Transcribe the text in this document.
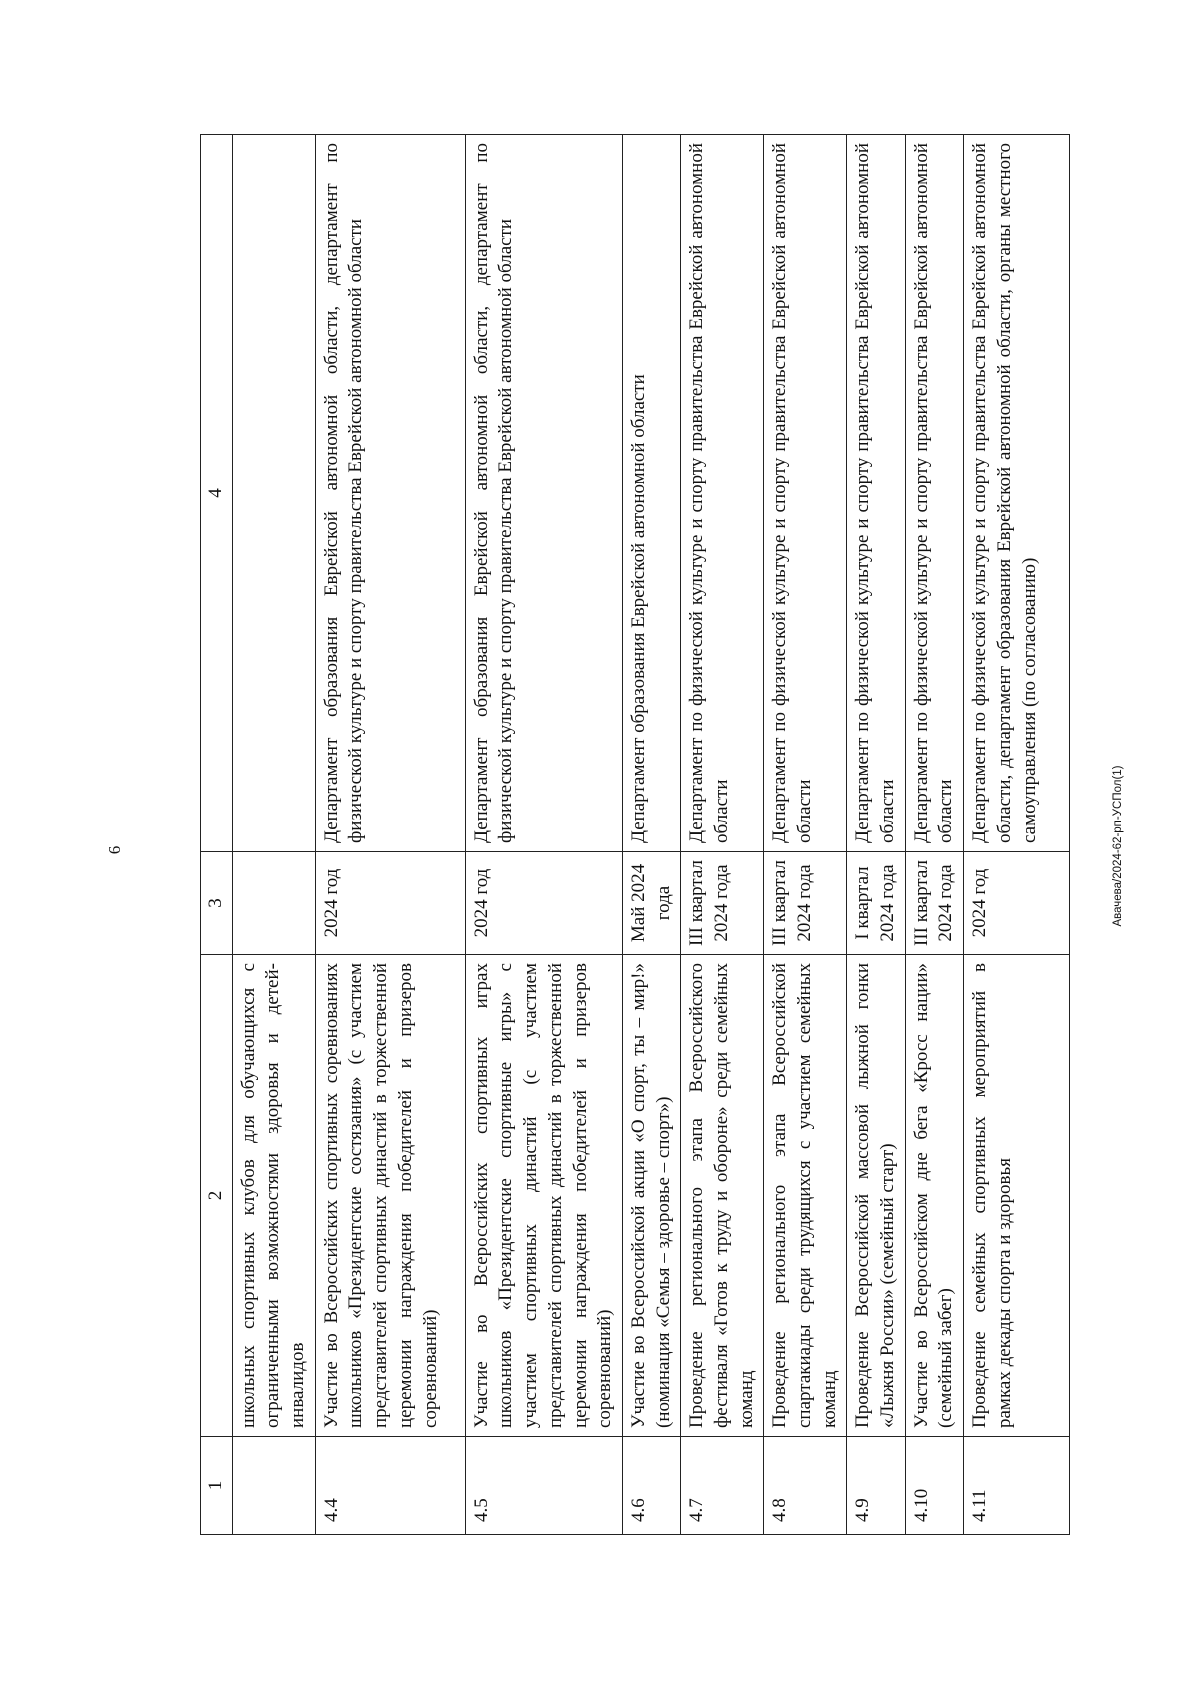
6
1	2	3	4
	школьных спортивных клубов для обучающихся с ограниченными возможностями здоровья и детей-инвалидов		
4.4	Участие во Всероссийских спортивных соревнованиях школьников «Президентские состязания» (с участием представителей спортивных династий в торжественной церемонии награждения победителей и призеров соревнований)	2024 год	Департамент образования Еврейской автономной области, департамент по физической культуре и спорту правительства Еврейской автономной области
4.5	Участие во Всероссийских спортивных играх школьников «Президентские спортивные игры» с участием спортивных династий (с участием представителей спортивных династий в торжественной церемонии награждения победителей и призеров соревнований)	2024 год	Департамент образования Еврейской автономной области, департамент по физической культуре и спорту правительства Еврейской автономной области
4.6	Участие во Всероссийской акции «О спорт, ты – мир!» (номинация «Семья – здоровье – спорт»)	Май 2024 года	Департамент образования Еврейской автономной области
4.7	Проведение регионального этапа Всероссийского фестиваля «Готов к труду и обороне» среди семейных команд	III квартал 2024 года	Департамент по физической культуре и спорту правительства Еврейской автономной области
4.8	Проведение регионального этапа Всероссийской спартакиады среди трудящихся с участием семейных команд	III квартал 2024 года	Департамент по физической культуре и спорту правительства Еврейской автономной области
4.9	Проведение Всероссийской массовой лыжной гонки «Лыжня России» (семейный старт)	I квартал 2024 года	Департамент по физической культуре и спорту правительства Еврейской автономной области
4.10	Участие во Всероссийском дне бега «Кросс нации» (семейный забег)	III квартал 2024 года	Департамент по физической культуре и спорту правительства Еврейской автономной области
4.11	Проведение семейных спортивных мероприятий в рамках декады спорта и здоровья	2024 год	Департамент по физической культуре и спорту правительства Еврейской автономной области, департамент образования Еврейской автономной области, органы местного самоуправления (по согласованию)
Авачева/2024-62-рп-УСПол(1)
